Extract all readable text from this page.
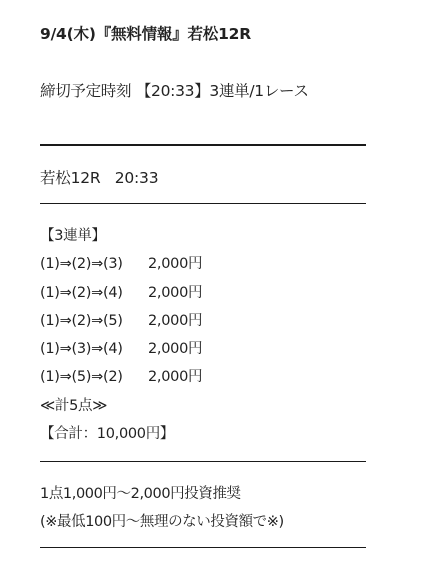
9/4(木)『無料情報』若松12R
締切予定時刻 【20:33】3連単/1レース
若松12R 20:33
【3連単】
(1)⇒(2)⇒(3) 2,000円
(1)⇒(2)⇒(4) 2,000円
(1)⇒(2)⇒(5) 2,000円
(1)⇒(3)⇒(4) 2,000円
(1)⇒(5)⇒(2) 2,000円
≪計5点≫
【合計：10,000円】
1点1,000円～2,000円投資推奨
(※最低100円～無理のない投資額で※)
